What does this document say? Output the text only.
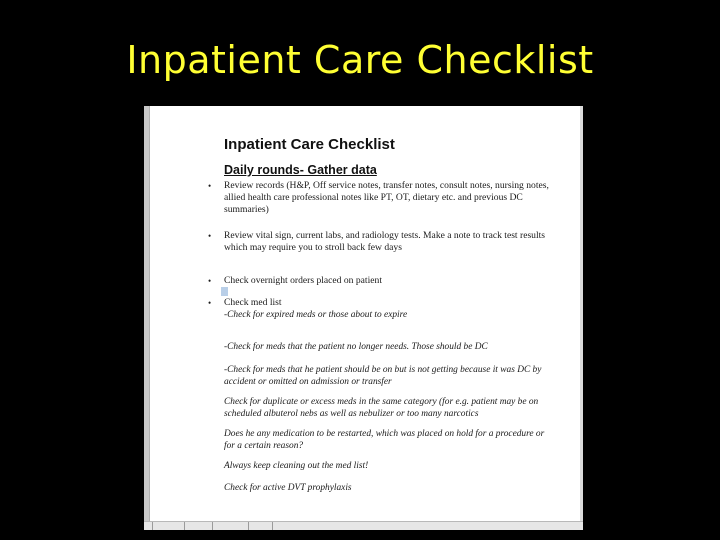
Inpatient Care Checklist
Inpatient Care Checklist
Daily rounds- Gather data
• Review records (H&P, Off service notes, transfer notes, consult notes, nursing notes, allied health care professional notes like PT, OT, dietary etc. and previous DC summaries)
• Review vital sign, current labs, and radiology tests. Make a note to track test results which may require you to stroll back few days
• Check overnight orders placed on patient
• Check med list
-Check for expired meds or those about to expire
-Check for meds that the patient no longer needs. Those should be DC
-Check for meds that he patient should be on but is not getting because it was DC by accident or omitted on admission or transfer
Check for duplicate or excess meds in the same category (for e.g. patient may be on scheduled albuterol nebs as well as nebulizer or too many narcotics
Does he any medication to be restarted, which was placed on hold for a procedure or for a certain reason?
Always keep cleaning out the med list!
Check for active DVT prophylaxis
